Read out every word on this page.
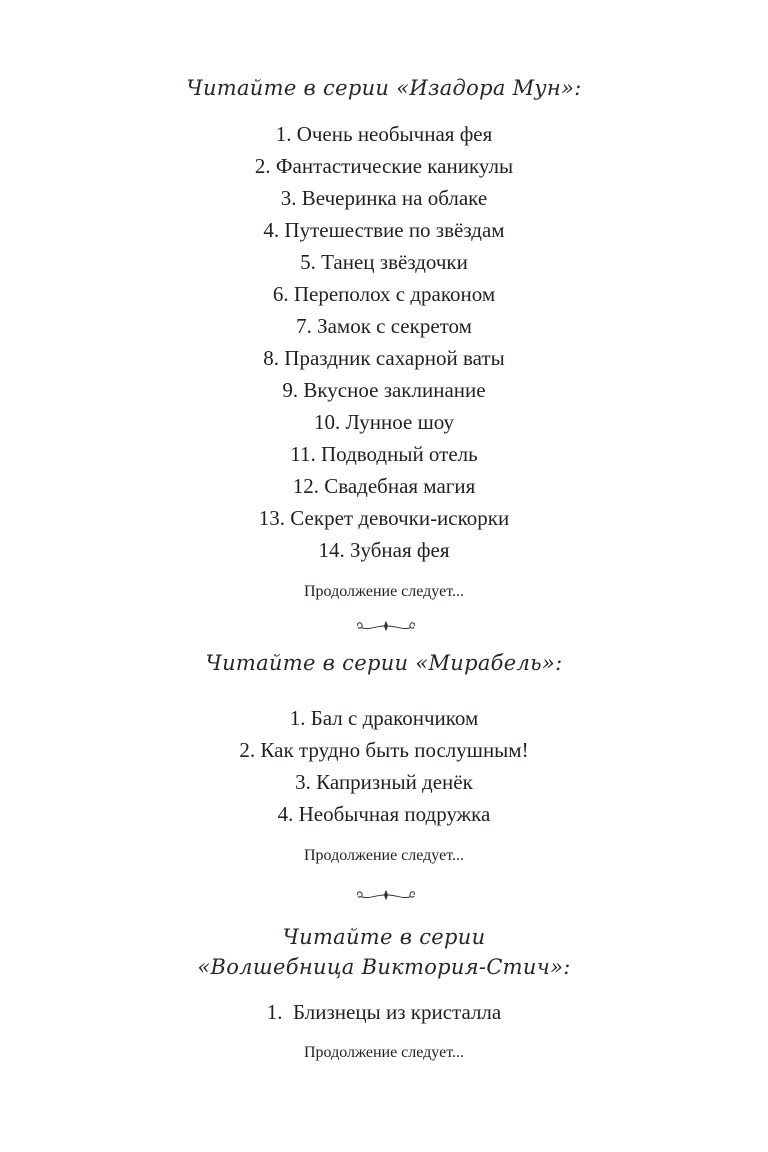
Читайте в серии «Изадора Мун»:
1. Очень необычная фея
2. Фантастические каникулы
3. Вечеринка на облаке
4. Путешествие по звёздам
5. Танец звёздочки
6. Переполох с драконом
7. Замок с секретом
8. Праздник сахарной ваты
9. Вкусное заклинание
10. Лунное шоу
11. Подводный отель
12. Свадебная магия
13. Секрет девочки-искорки
14. Зубная фея
Продолжение следует...
Читайте в серии «Мирабель»:
1. Бал с дракончиком
2. Как трудно быть послушным!
3. Капризный денёк
4. Необычная подружка
Продолжение следует...
Читайте в серии
«Волшебница Виктория-Стич»:
1.  Близнецы из кристалла
Продолжение следует...
